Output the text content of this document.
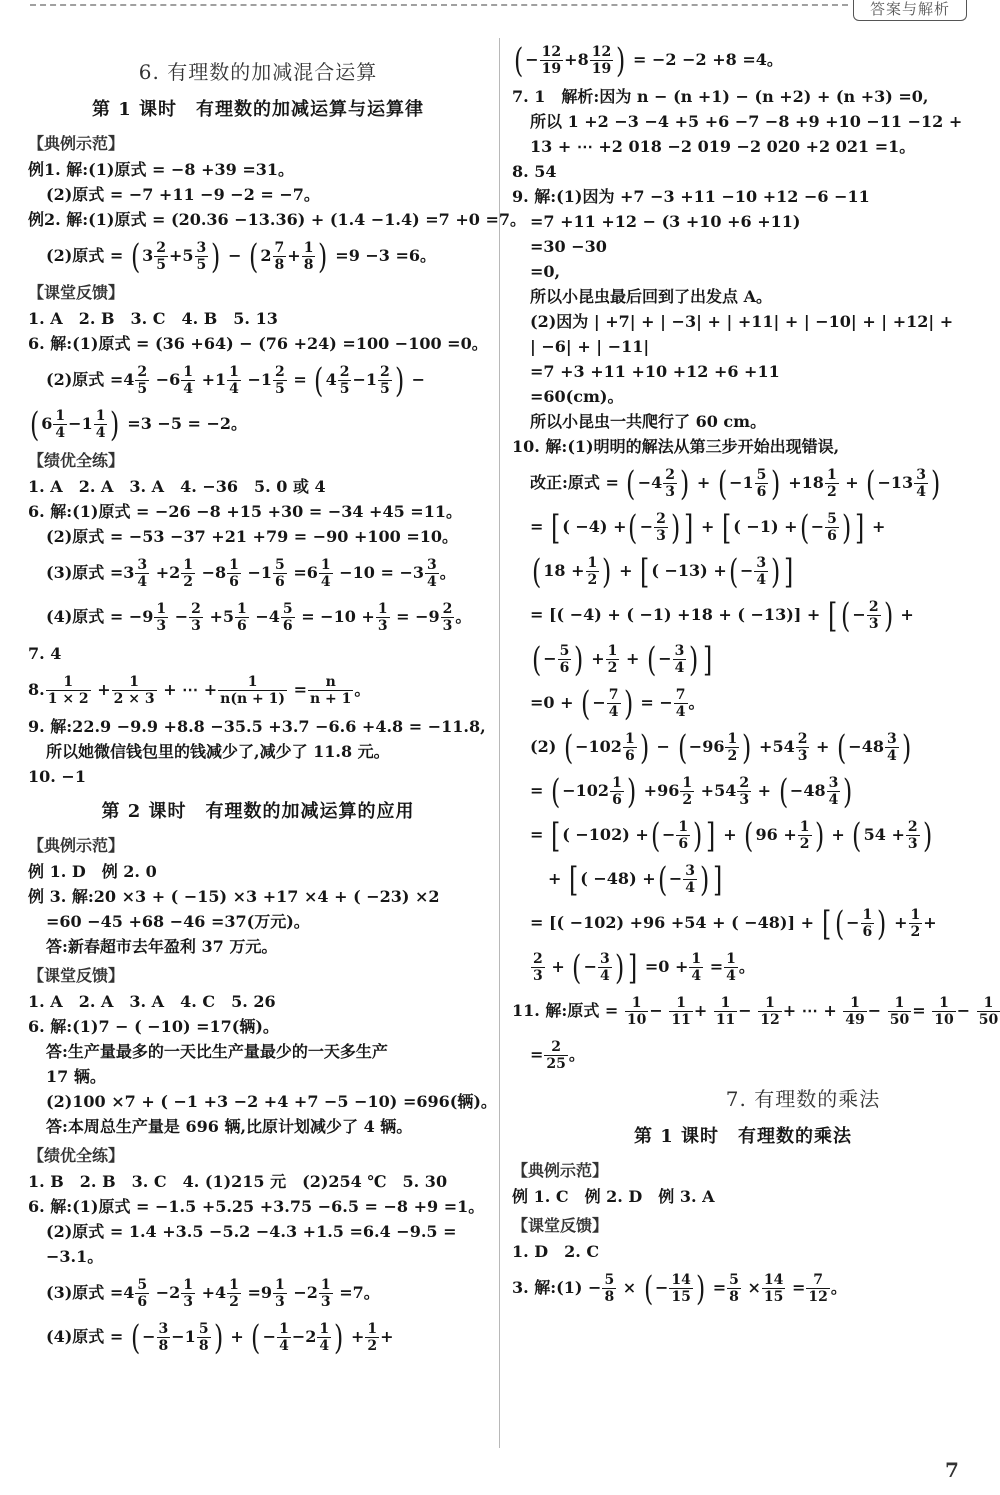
答案与解析
6. 有理数的加减混合运算
第 1 课时　有理数的加减运算与运算律
【典例示范】
例1. 解:(1)原式 = −8 +39 =31。
(2)原式 = −7 +11 −9 −2 = −7。
例2. 解:(1)原式 = (20.36 −13.36) + (1.4 −1.4) =7 +0 =7。
(2)原式 = ( $3 \frac{2}{5} +5 \frac{3}{5}$ ) − ( $2 \frac{7}{8} + \frac{1}{8}$ ) =9 −3 =6。
【课堂反馈】
1. A　2. B　3. C　4. B　5. 13
6. 解:(1)原式 = (36 +64) − (76 +24) =100 −100 =0。
(2)原式 $=4 \frac{2}{5} -6 \frac{1}{4} +1 \frac{1}{4} -1 \frac{2}{5}$ = ( $4 \frac{2}{5} -1 \frac{2}{5}$ ) −
( $6 \frac{1}{4} -1 \frac{1}{4}$ ) =3 −5 = −2。
【绩优全练】
1. A　2. A　3. A　4. −36　5. 0 或 4
6. 解:(1)原式 = −26 −8 +15 +30 = −34 +45 =11。
(2)原式 = −53 −37 +21 +79 = −90 +100 =10。
(3)原式 $=3 \frac{3}{4} +2 \frac{1}{2} -8 \frac{1}{6} -1 \frac{5}{6} =6 \frac{1}{4} -10 = -3 \frac{3}{4}$ 。
(4)原式 = $-9 \frac{1}{3} - \frac{2}{3} +5 \frac{1}{6} -4 \frac{5}{6} = -10 + \frac{1}{3} = -9 \frac{2}{3}$ 。
7. 4
8. $\frac{1}{1 \times 2} + \frac{1}{2 \times 3}$ + ⋯ + $\frac{1}{n(n + 1)} = \frac{n}{n + 1}$ 。
9. 解:22.9 −9.9 +8.8 −35.5 +3.7 −6.6 +4.8 = −11.8,
所以她微信钱包里的钱减少了,减少了 11.8 元。
10. −1
第 2 课时　有理数的加减运算的应用
【典例示范】
例 1. D　例 2. 0
例 3. 解:20 ×3 + ( −15) ×3 +17 ×4 + ( −23) ×2
=60 −45 +68 −46 =37(万元)。
答:新春超市去年盈利 37 万元。
【课堂反馈】
1. A　2. A　3. A　4. C　5. 26
6. 解:(1)7 − ( −10) =17(辆)。
答:生产量最多的一天比生产量最少的一天多生产
17 辆。
(2)100 ×7 + ( −1 +3 −2 +4 +7 −5 −10) =696(辆)。
答:本周总生产量是 696 辆,比原计划减少了 4 辆。
【绩优全练】
1. B　2. B　3. C　4. (1)215 元　(2)254 ℃　5. 30
6. 解:(1)原式 = −1.5 +5.25 +3.75 −6.5 = −8 +9 =1。
(2)原式 = 1.4 +3.5 −5.2 −4.3 +1.5 =6.4 −9.5 =
−3.1。
(3)原式 $=4 \frac{5}{6} -2 \frac{1}{3} +4 \frac{1}{2} =9 \frac{1}{3} -2 \frac{1}{3} =7$。
(4)原式 = ( − $\frac{3}{8} -1 \frac{5}{8}$ ) + ( − $\frac{1}{4} -2 \frac{1}{4}$ ) + $\frac{1}{2}$ +
( − $\frac{12}{19} +8 \frac{12}{19}$ ) = −2 −2 +8 =4。
7. 1　解析:因为 n − (n +1) − (n +2) + (n +3) =0,
所以 1 +2 −3 −4 +5 +6 −7 −8 +9 +10 −11 −12 +
13 + ⋯ +2 018 −2 019 −2 020 +2 021 =1。
8. 54
9. 解:(1)因为 +7 −3 +11 −10 +12 −6 −11
=7 +11 +12 − (3 +10 +6 +11)
=30 −30
=0,
所以小昆虫最后回到了出发点 A。
(2)因为 | +7| + | −3| + | +11| + | −10| + | +12| +
| −6| + | −11|
=7 +3 +11 +10 +12 +6 +11
=60(cm)。
所以小昆虫一共爬行了 60 cm。
10. 解:(1)明明的解法从第三步开始出现错误,
改正:原式 = ( $-4 \frac{2}{3}$ ) + ( $-1 \frac{5}{6}$ ) $+18 \frac{1}{2}$ + ( $-13 \frac{3}{4}$ )
= [ ( −4) +( − $\frac{2}{3}$ ) ] + [ ( −1) +( − $\frac{5}{6}$ ) ] +
( $18 + \frac{1}{2}$ ) + [ ( −13) +( − $\frac{3}{4}$ ) ]
= [( −4) + ( −1) +18 + ( −13)] + [ ( − $\frac{2}{3}$ ) +
( − $\frac{5}{6}$ ) + $\frac{1}{2}$ + ( − $\frac{3}{4}$ ) ]
=0 + ( − $\frac{7}{4}$ ) = − $\frac{7}{4}$ 。
(2) ( $-102 \frac{1}{6}$ ) − ( $-96 \frac{1}{2}$ ) $+54 \frac{2}{3}$ + ( $-48 \frac{3}{4}$ )
= ( $-102 \frac{1}{6}$ ) $+96 \frac{1}{2} +54 \frac{2}{3}$ + ( $-48 \frac{3}{4}$ )
= [ ( −102) +( − $\frac{1}{6}$ ) ] + ( $96 + \frac{1}{2}$ ) + ( $54 + \frac{2}{3}$ )
+ [ ( −48) +( − $\frac{3}{4}$ ) ]
= [( −102) +96 +54 + ( −48)] + [ ( − $\frac{1}{6}$ ) + $\frac{1}{2}$ +
$\frac{2}{3}$ + ( − $\frac{3}{4}$ ) ] $=0 + \frac{1}{4} = \frac{1}{4}$ 。
11. 解:原式 = $\frac{1}{10} - \frac{1}{11} + \frac{1}{11} - \frac{1}{12}$ + ⋯ + $\frac{1}{49} - \frac{1}{50} = \frac{1}{10} - \frac{1}{50}$
= $\frac{2}{25}$ 。
7. 有理数的乘法
第 1 课时　有理数的乘法
【典例示范】
例 1. C　例 2. D　例 3. A
【课堂反馈】
1. D　2. C
3. 解:(1) − $\frac{5}{8}$ × ( − $\frac{14}{15}$ ) = $\frac{5}{8} \times \frac{14}{15} = \frac{7}{12}$ 。
7
